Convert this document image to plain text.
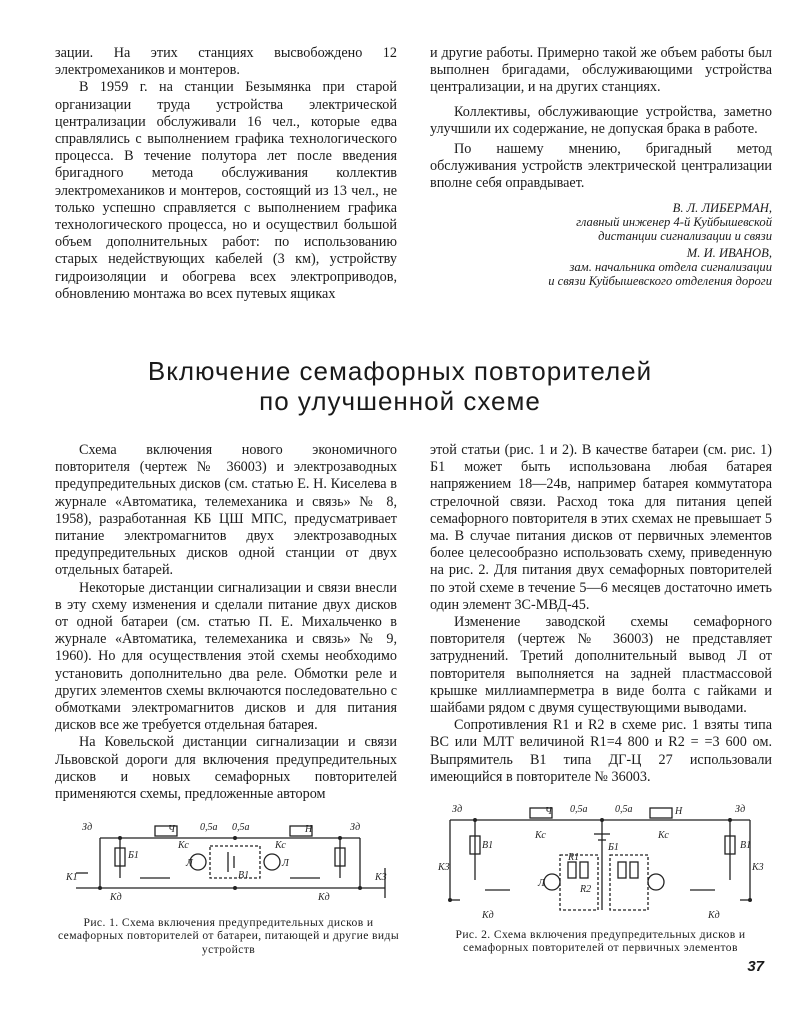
зации. На этих станциях высвобождено 12 электромехаников и монтеров.

В 1959 г. на станции Безымянка при старой организации труда устройства электрической централизации обслуживали 16 чел., которые едва справлялись с выполнением графика технологического процесса. В течение полутора лет после введения бригадного метода обслуживания коллектив электромехаников и монтеров, состоящий из 13 чел., не только успешно справляется с выполнением графика технологического процесса, но и осуществил большой объем дополнительных работ: по использованию старых недействующих кабелей (3 км), устройству гидроизоляции и обогрева всех электроприводов, обновлению монтажа во всех путевых ящиках

и другие работы. Примерно такой же объем работы был выполнен бригадами, обслуживающими устройства централизации, и на других станциях.

Коллективы, обслуживающие устройства, заметно улучшили их содержание, не допуская брака в работе.

По нашему мнению, бригадный метод обслуживания устройств электрической централизации вполне себя оправдывает.

В. Л. ЛИБЕРМАН,

главный инженер 4-й Куйбышевской

дистанции сигнализации и связи

М. И. ИВАНОВ,

зам. начальника отдела сигнализации

и связи Куйбышевского отделения дороги

Включение семафорных повторителей
по улучшенной схеме

Схема включения нового экономичного повторителя (чертеж № 36003) и электрозаводных предупредительных дисков (см. статью Е. Н. Киселева в журнале «Автоматика, телемеханика и связь» № 8, 1958), разработанная КБ ЦШ МПС, предусматривает питание электромагнитов двух электрозаводных предупредительных дисков одной станции от двух отдельных батарей.

Некоторые дистанции сигнализации и связи внесли в эту схему изменения и сделали питание двух дисков от одной батареи (см. статью П. Е. Михальченко в журнале «Автоматика, телемеханика и связь» № 9, 1960). Но для осуществления этой схемы необходимо установить дополнительно два реле. Обмотки реле и других элементов схемы включаются последовательно с обмотками электромагнитов дисков и для питания дисков все же требуется отдельная батарея.

На Ковельской дистанции сигнализации и связи Львовской дороги для включения предупредительных дисков и новых семафорных повторителей применяются схемы, предложенные автором

этой статьи (рис. 1 и 2). В качестве батареи (см. рис. 1) Б1 может быть использована любая батарея напряжением 18—24в, например батарея коммутатора стрелочной связи. Расход тока для питания цепей семафорного повторителя в этих схемах не превышает 5 ма. В случае питания дисков от первичных элементов более целесообразно использовать схему, приведенную на рис. 2. Для питания двух семафорных повторителей по этой схеме в течение 5—6 месяцев достаточно иметь один элемент 3С-МВД-45.

Изменение заводской схемы семафорного повторителя (чертеж № 36003) не представляет затруднений. Третий дополнительный вывод Л от повторителя выполняется на задней пластмассовой крышке миллиамперметра в виде болта с гайками и шайбами рядом с двумя существующими выводами.

Сопротивления R1 и R2 в схеме рис. 1 взяты типа ВС или МЛТ величиной R1=4 800 и R2 = =3 600 ом. Выпрямитель В1 типа ДГ-Ц 27 использовали имеющийся в повторителе № 36003.

Зд	Ч	0,5а 0,5а	Н	Зд
Б1
В1
Кс
Кд
К1
Кд
Кс
К3
Л	Л
Рис. 1. Схема включения предупредительных дисков и семафорных повторителей от батареи, питающей и другие виды устройств
Зд	Ч 0,5а	0,5а	Н	Зд
Кс
Б1
К3
Кд
В1
R1
R2
Л
Кс
В1
Кд
К3
Рис. 2. Схема включения предупредительных дисков и семафорных повторителей от первичных элементов
37
